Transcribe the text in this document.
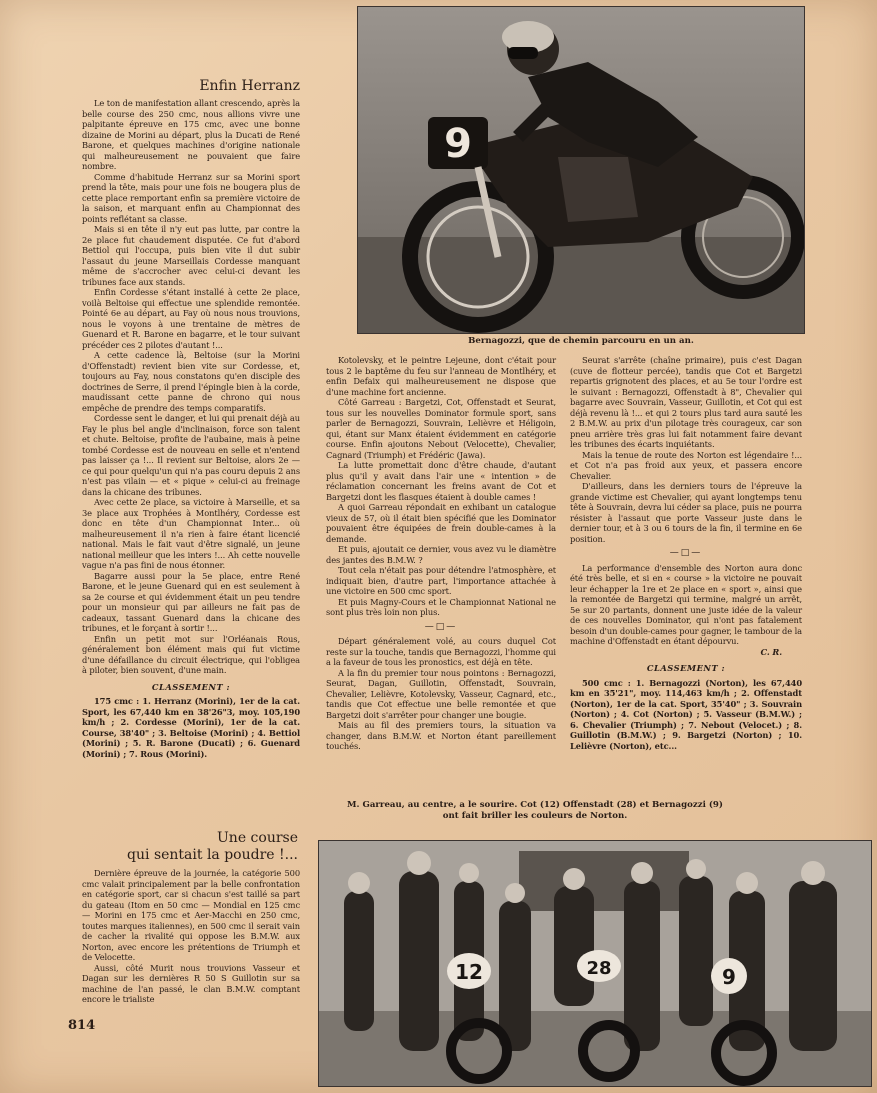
9
Bernagozzi, que de chemin parcouru en un an.
Enfin Herranz

Le ton de manifestation allant crescendo, après la belle course des 250 cmc, nous allions vivre une palpitante épreuve en 175 cmc, avec une bonne dizaine de Morini au départ, plus la Ducati de René Barone, et quelques machines d'origine nationale qui malheureusement ne pouvaient que faire nombre.

Comme d'habitude Herranz sur sa Morini sport prend la tête, mais pour une fois ne bougera plus de cette place remportant enfin sa première victoire de la saison, et marquant enfin au Championnat des points reflétant sa classe.

Mais si en tête il n'y eut pas lutte, par contre la 2e place fut chaudement disputée. Ce fut d'abord Bettiol qui l'occupa, puis bien vite il dut subir l'assaut du jeune Marseillais Cordesse manquant même de s'accrocher avec celui-ci devant les tribunes face aux stands.

Enfin Cordesse s'étant installé à cette 2e place, voilà Beltoise qui effectue une splendide remontée. Pointé 6e au départ, au Fay où nous nous trouvions, nous le voyons à une trentaine de mètres de Guenard et R. Barone en bagarre, et le tour suivant précéder ces 2 pilotes d'autant !...

A cette cadence là, Beltoise (sur la Morini d'Offenstadt) revient bien vite sur Cordesse, et, toujours au Fay, nous constatons qu'en disciple des doctrines de Serre, il prend l'épingle bien à la corde, maudissant cette panne de chrono qui nous empêche de prendre des temps comparatifs.

Cordesse sent le danger, et lui qui prenait déjà au Fay le plus bel angle d'inclinaison, force son talent et chute. Beltoise, profite de l'aubaine, mais à peine tombé Cordesse est de nouveau en selle et n'entend pas laisser ça !... Il revient sur Beltoise, alors 2e — ce qui pour quelqu'un qui n'a pas couru depuis 2 ans n'est pas vilain — et « pique » celui-ci au freinage dans la chicane des tribunes.

Avec cette 2e place, sa victoire à Marseille, et sa 3e place aux Trophées à Montlhéry, Cordesse est donc en tête d'un Championnat Inter... où malheureusement il n'a rien à faire étant licencié national. Mais le fait vaut d'être signalé, un jeune national meilleur que les inters !... Ah cette nouvelle vague n'a pas fini de nous étonner.

Bagarre aussi pour la 5e place, entre René Barone, et le jeune Guenard qui en est seulement à sa 2e course et qui évidemment était un peu tendre pour un monsieur qui par ailleurs ne fait pas de cadeaux, tassant Guenard dans la chicane des tribunes, et le forçant à sortir !...

Enfin un petit mot sur l'Orléanais Rous, généralement bon élément mais qui fut victime d'une défaillance du circuit électrique, qui l'obligea à piloter, bien souvent, d'une main.

CLASSEMENT :

175 cmc : 1. Herranz (Morini), 1er de la cat. Sport, les 67,440 km en 38'26"3, moy. 105,190 km/h ; 2. Cordesse (Morini), 1er de la cat. Course, 38'40" ; 3. Beltoise (Morini) ; 4. Bettiol (Morini) ; 5. R. Barone (Ducati) ; 6. Guenard (Morini) ; 7. Rous (Morini).

Une course
qui sentait la poudre !...

Dernière épreuve de la journée, la catégorie 500 cmc valait principalement par la belle confrontation en catégorie sport, car si chacun s'est taillé sa part du gateau (Itom en 50 cmc — Mondial en 125 cmc — Morini en 175 cmc et Aer-Macchi en 250 cmc, toutes marques italiennes), en 500 cmc il serait vain de cacher la rivalité qui oppose les B.M.W. aux Norton, avec encore les prétentions de Triumph et de Velocette.

Aussi, côté Murit nous trouvions Vasseur et Dagan sur les dernières R 50 S Guillotin sur sa machine de l'an passé, le clan B.M.W. comptant encore le trialiste

814

Kotolevsky, et le peintre Lejeune, dont c'était pour tous 2 le baptême du feu sur l'anneau de Montlhéry, et enfin Defaix qui malheureusement ne dispose que d'une machine fort ancienne.

Côté Garreau : Bargetzi, Cot, Offenstadt et Seurat, tous sur les nouvelles Dominator formule sport, sans parler de Bernagozzi, Souvrain, Lelièvre et Héligoin, qui, étant sur Manx étaient évidemment en catégorie course. Enfin ajoutons Nebout (Velocette), Chevalier, Cagnard (Triumph) et Frédéric (Jawa).

La lutte promettait donc d'être chaude, d'autant plus qu'il y avait dans l'air une « intention » de réclamation concernant les freins avant de Cot et Bargetzi dont les flasques étaient à double cames !

A quoi Garreau répondait en exhibant un catalogue vieux de 57, où il était bien spécifié que les Dominator pouvaient être équipées de frein double-cames à la demande.

Et puis, ajoutait ce dernier, vous avez vu le diamètre des jantes des B.M.W. ?

Tout cela n'était pas pour détendre l'atmosphère, et indiquait bien, d'autre part, l'importance attachée à une victoire en 500 cmc sport.

Et puis Magny-Cours et le Championnat National ne sont plus très loin non plus.

—□—

Départ généralement volé, au cours duquel Cot reste sur la touche, tandis que Bernagozzi, l'homme qui a la faveur de tous les pronostics, est déjà en tête.

A la fin du premier tour nous pointons : Bernagozzi, Seurat, Dagan, Guillotin, Offenstadt, Souvrain, Chevalier, Lelièvre, Kotolevsky, Vasseur, Cagnard, etc., tandis que Cot effectue une belle remontée et que Bargetzi doit s'arrêter pour changer une bougie.

Mais au fil des premiers tours, la situation va changer, dans B.M.W. et Norton étant pareillement touchés.

Seurat s'arrête (chaîne primaire), puis c'est Dagan (cuve de flotteur percée), tandis que Cot et Bargetzi repartis grignotent des places, et au 5e tour l'ordre est le suivant : Bernagozzi, Offenstadt à 8", Chevalier qui bagarre avec Souvrain, Vasseur, Guillotin, et Cot qui est déjà revenu là !... et qui 2 tours plus tard aura sauté les 2 B.M.W. au prix d'un pilotage très courageux, car son pneu arrière très gras lui fait notamment faire devant les tribunes des écarts inquiétants.

Mais la tenue de route des Norton est légendaire !... et Cot n'a pas froid aux yeux, et passera encore Chevalier.

D'ailleurs, dans les derniers tours de l'épreuve la grande victime est Chevalier, qui ayant longtemps tenu tête à Souvrain, devra lui céder sa place, puis ne pourra résister à l'assaut que porte Vasseur juste dans le dernier tour, et à 3 ou 6 tours de la fin, il termine en 6e position.

—□—

La performance d'ensemble des Norton aura donc été très belle, et si en « course » la victoire ne pouvait leur échapper la 1re et 2e place en « sport », ainsi que la remontée de Bargetzi qui termine, malgré un arrêt, 5e sur 20 partants, donnent une juste idée de la valeur de ces nouvelles Dominator, qui n'ont pas fatalement besoin d'un double-cames pour gagner, le tambour de la machine d'Offenstadt en étant dépourvu.

C. R.
CLASSEMENT :

500 cmc : 1. Bernagozzi (Norton), les 67,440 km en 35'21", moy. 114,463 km/h ; 2. Offenstadt (Norton), 1er de la cat. Sport, 35'40" ; 3. Souvrain (Norton) ; 4. Cot (Norton) ; 5. Vasseur (B.M.W.) ; 6. Chevalier (Triumph) ; 7. Nebout (Velocet.) ; 8. Guillotin (B.M.W.) ; 9. Bargetzi (Norton) ; 10. Lelièvre (Norton), etc...

M. Garreau, au centre, a le sourire. Cot (12) Offenstadt (28) et Bernagozzi (9) ont fait briller les couleurs de Norton.
12	28	9
